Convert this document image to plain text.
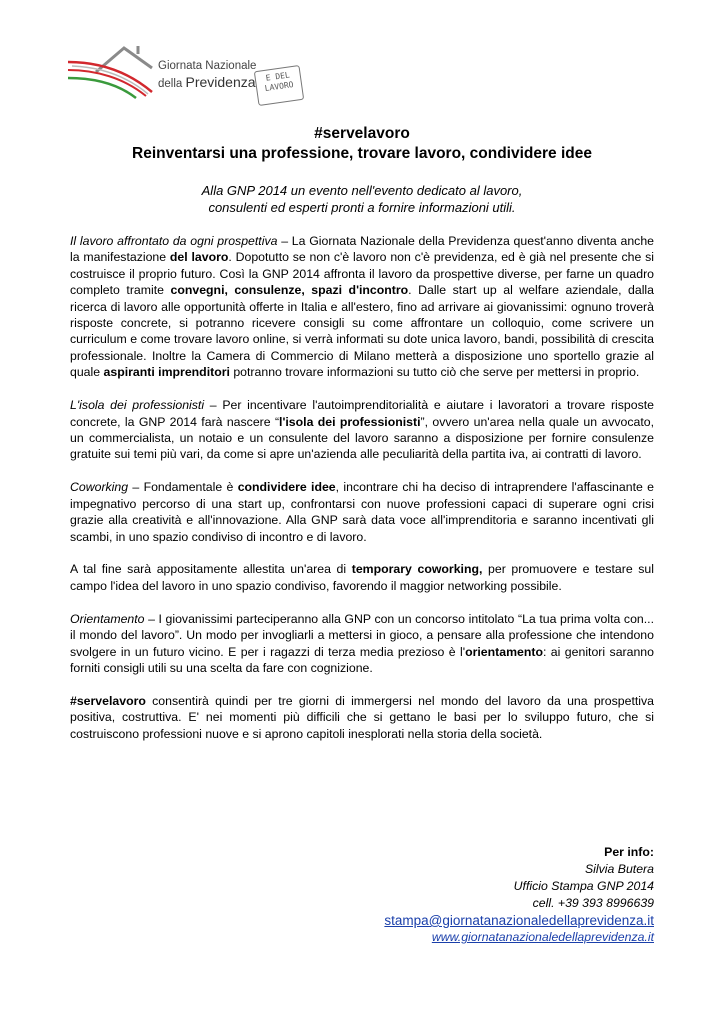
Giornata Nazionale
della Previdenza	E DEL
LAVORO
#servelavoro
Reinventarsi una professione, trovare lavoro, condividere idee
Alla GNP 2014 un evento nell'evento dedicato al lavoro,
consulenti ed esperti pronti a fornire informazioni utili.

Il lavoro affrontato da ogni prospettiva – La Giornata Nazionale della Previdenza quest'anno diventa anche la manifestazione del lavoro. Dopotutto se non c'è lavoro non c'è previdenza, ed è già nel presente che si costruisce il proprio futuro. Così la GNP 2014 affronta il lavoro da prospettive diverse, per farne un quadro completo tramite convegni, consulenze, spazi d'incontro. Dalle start up al welfare aziendale, dalla ricerca di lavoro alle opportunità offerte in Italia e all'estero, fino ad arrivare ai giovanissimi: ognuno troverà risposte concrete, si potranno ricevere consigli su come affrontare un colloquio, come scrivere un curriculum e come trovare lavoro online, si verrà informati su dote unica lavoro, bandi, possibilità di crescita professionale. Inoltre la Camera di Commercio di Milano metterà a disposizione uno sportello grazie al quale aspiranti imprenditori potranno trovare informazioni su tutto ciò che serve per mettersi in proprio.

L'isola dei professionisti – Per incentivare l'autoimprenditorialità e aiutare i lavoratori a trovare risposte concrete, la GNP 2014 farà nascere “l'isola dei professionisti”, ovvero un'area nella quale un avvocato, un commercialista, un notaio e un consulente del lavoro saranno a disposizione per fornire consulenze gratuite sui temi più vari, da come si apre un'azienda alle peculiarità della partita iva, ai contratti di lavoro.

Coworking – Fondamentale è condividere idee, incontrare chi ha deciso di intraprendere l'affascinante e impegnativo percorso di una start up, confrontarsi con nuove professioni capaci di superare ogni crisi grazie alla creatività e all'innovazione. Alla GNP sarà data voce all'imprenditoria e saranno incentivati gli scambi, in uno spazio condiviso di incontro e di lavoro.

A tal fine sarà appositamente allestita un'area di temporary coworking, per promuovere e testare sul campo l'idea del lavoro in uno spazio condiviso, favorendo il maggior networking possibile.

Orientamento – I giovanissimi parteciperanno alla GNP con un concorso intitolato “La tua prima volta con... il mondo del lavoro”. Un modo per invogliarli a mettersi in gioco, a pensare alla professione che intendono svolgere in un futuro vicino. E per i ragazzi di terza media prezioso è l'orientamento: ai genitori saranno forniti consigli utili su una scelta da fare con cognizione.

#servelavoro consentirà quindi per tre giorni di immergersi nel mondo del lavoro da una prospettiva positiva, costruttiva. E' nei momenti più difficili che si gettano le basi per lo sviluppo futuro, che si costruiscono professioni nuove e si aprono capitoli inesplorati nella storia della società.

Per info:
Silvia Butera
Ufficio Stampa GNP 2014
cell. +39 393 8996639
stampa@giornatanazionaledellaprevidenza.it
www.giornatanazionaledellaprevidenza.it
